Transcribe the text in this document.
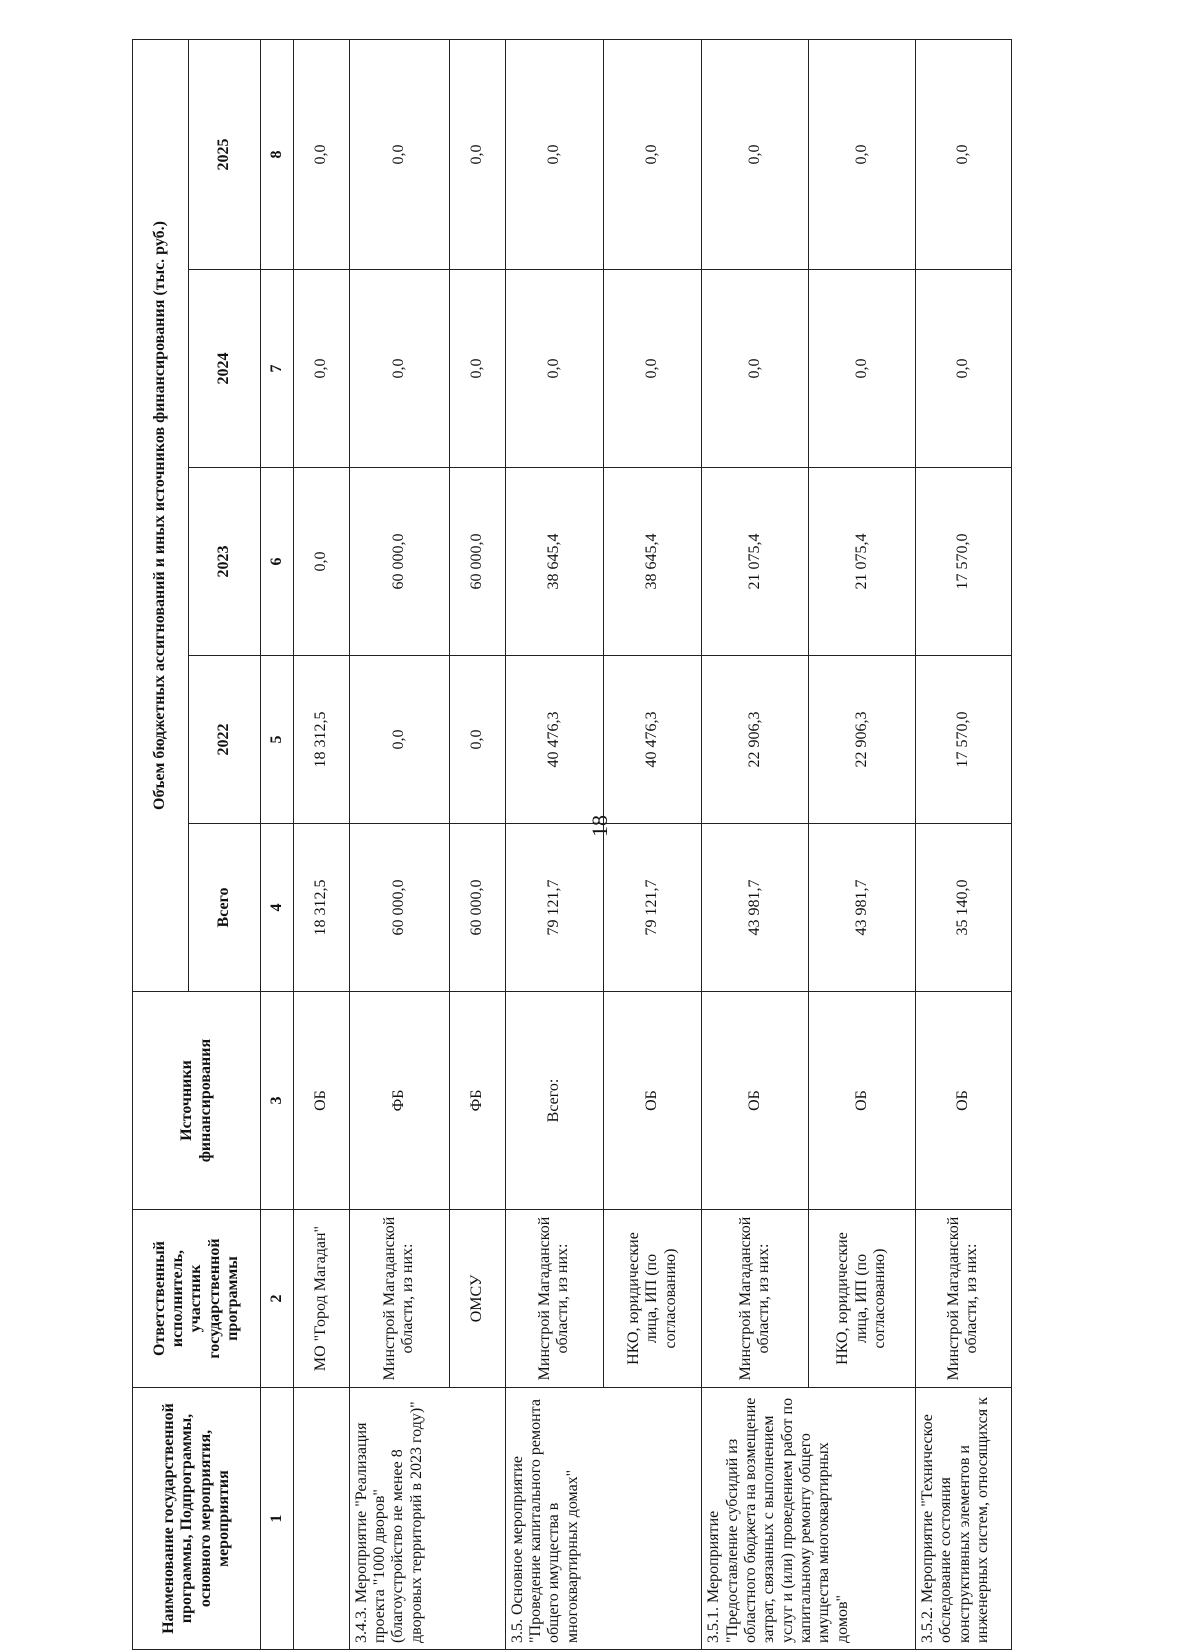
18
Наименование государственной программы, Подпрограммы, основного мероприятия, мероприятия	Ответственный исполнитель, участник государственной программы	Источники финансирования	Объем бюджетных ассигнований и иных источников финансирования (тыс. руб.)				
			Всего	2022	2023	2024	2025
1	2	3	4	5	6	7	8
	МО "Город Магадан"	ОБ	18 312,5	18 312,5	0,0	0,0	0,0
3.4.3. Мероприятие "Реализация проекта "1000 дворов" (благоустройство не менее 8 дворовых территорий в 2023 году)"	Минстрой Магаданской области, из них:	ФБ	60 000,0	0,0	60 000,0	0,0	0,0
	ОМСУ	ФБ	60 000,0	0,0	60 000,0	0,0	0,0
3.5. Основное мероприятие "Проведение капитального ремонта общего имущества в многоквартирных домах"	Минстрой Магаданской области, из них:	Всего:	79 121,7	40 476,3	38 645,4	0,0	0,0
	НКО, юридические лица, ИП (по согласованию)	ОБ	79 121,7	40 476,3	38 645,4	0,0	0,0
3.5.1. Мероприятие "Предоставление субсидий из областного бюджета на возмещение затрат, связанных с выполнением услуг и (или) проведением работ по капитальному ремонту общего имущества многоквартирных домов"	Минстрой Магаданской области, из них:	ОБ	43 981,7	22 906,3	21 075,4	0,0	0,0
	НКО, юридические лица, ИП (по согласованию)	ОБ	43 981,7	22 906,3	21 075,4	0,0	0,0
3.5.2. Мероприятие "Техническое обследование состояния конструктивных элементов и инженерных систем, относящихся к	Минстрой Магаданской области, из них:	ОБ	35 140,0	17 570,0	17 570,0	0,0	0,0
